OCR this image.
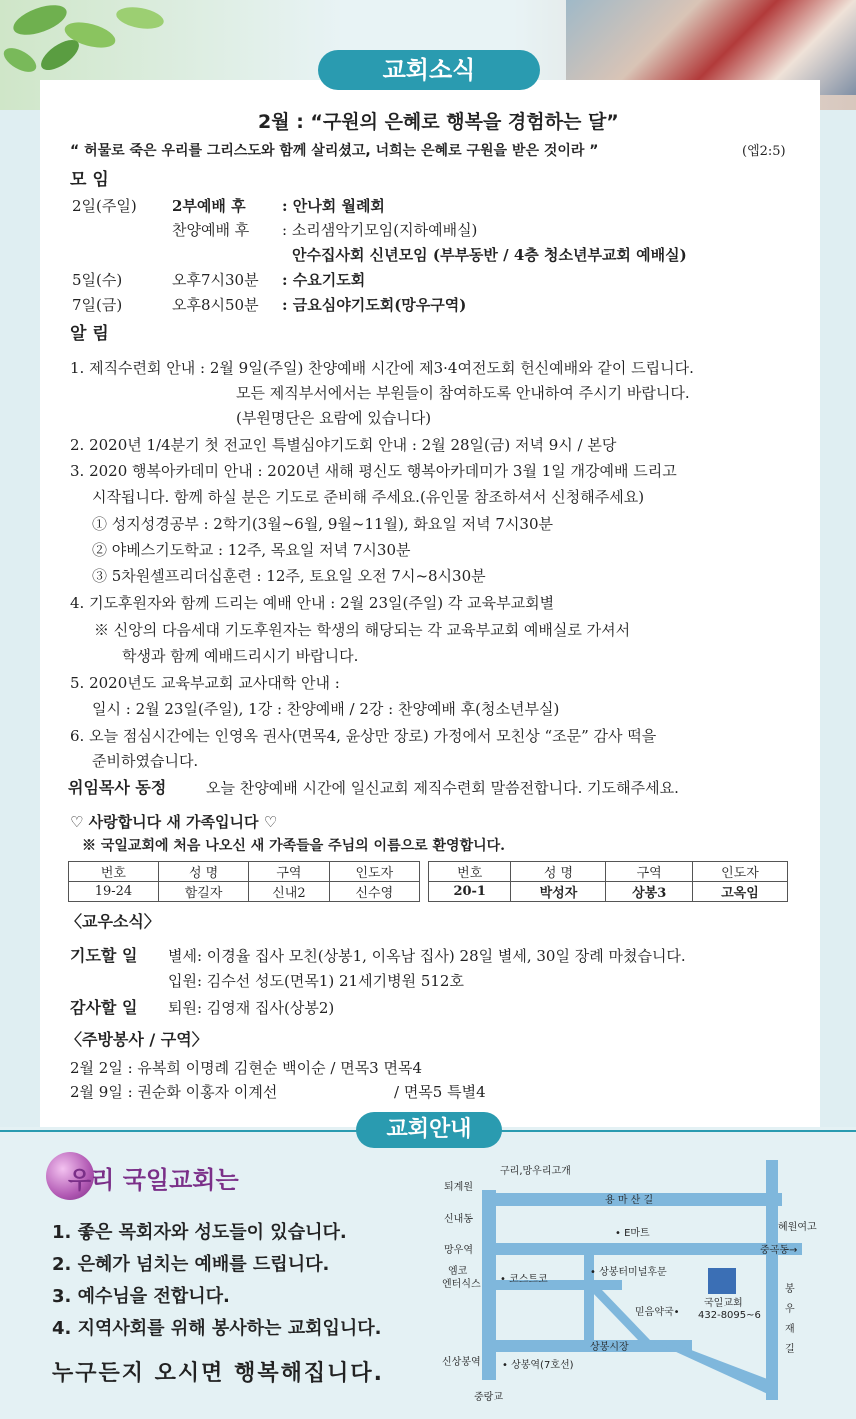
교회소식
2월 : “구원의 은혜로 행복을 경험하는 달”
“ 허물로 죽은 우리를 그리스도와 함께 살리셨고, 너희는 은혜로 구원을 받은 것이라 ”	(엡2:5)
모 임
2일(주일) 2부예배 후 : 안나회 월례회
찬양예배 후 : 소리샘악기모임(지하예배실)
안수집사회 신년모임 (부부동반 / 4층 청소년부교회 예배실)
5일(수)	오후7시30분 : 수요기도회
7일(금)	오후8시50분 : 금요심야기도회(망우구역)
알 림
1. 제직수련회 안내 : 2월 9일(주일) 찬양예배 시간에 제3·4여전도회 헌신예배와 같이 드립니다.
모든 제직부서에서는 부원들이 참여하도록 안내하여 주시기 바랍니다.
(부원명단은 요람에 있습니다)
2. 2020년 1/4분기 첫 전교인 특별심야기도회 안내 : 2월 28일(금) 저녁 9시 / 본당
3. 2020 행복아카데미 안내 : 2020년 새해 평신도 행복아카데미가 3월 1일 개강예배 드리고
시작됩니다. 함께 하실 분은 기도로 준비해 주세요.(유인물 참조하셔서 신청해주세요)
① 성지성경공부 : 2학기(3월~6월, 9월~11월), 화요일 저녁 7시30분
② 야베스기도학교 : 12주, 목요일 저녁 7시30분
③ 5차원셀프리더십훈련 : 12주, 토요일 오전 7시~8시30분
4. 기도후원자와 함께 드리는 예배 안내 : 2월 23일(주일) 각 교육부교회별
※ 신앙의 다음세대 기도후원자는 학생의 해당되는 각 교육부교회 예배실로 가셔서
학생과 함께 예배드리시기 바랍니다.
5. 2020년도 교육부교회 교사대학 안내 :
일시 : 2월 23일(주일), 1강 : 찬양예배 / 2강 : 찬양예배 후(청소년부실)
6. 오늘 점심시간에는 인영옥 권사(면목4, 윤상만 장로) 가정에서 모친상 “조문” 감사 떡을
준비하였습니다.
위임목사 동정	오늘 찬양예배 시간에 일신교회 제직수련회 말씀전합니다. 기도해주세요.
♡ 사랑합니다 새 가족입니다 ♡
※ 국일교회에 처음 나오신 새 가족들을 주님의 이름으로 환영합니다.
번호	성 명	구역	인도자
19-24	함길자	신내2	신수영
번호	성 명	구역	인도자
20-1	박성자	상봉3	고옥임
〈교우소식〉
기도할 일 별세: 이경율 집사 모친(상봉1, 이옥남 집사) 28일 별세, 30일 장례 마쳤습니다.
입원: 김수선 성도(면목1) 21세기병원 512호
감사할 일 퇴원: 김영재 집사(상봉2)
〈주방봉사 / 구역〉
2월 2일 : 유복희 이명례 김현순 백이순 / 면목3 면목4
2월 9일 : 권순화 이홍자 이계선	/ 면목5 특별4
교회안내
우리 국일교회는
1. 좋은 목회자와 성도들이 있습니다.
2. 은혜가 넘치는 예배를 드립니다.
3. 예수님을 전합니다.
4. 지역사회를 위해 봉사하는 교회입니다.
누구든지 오시면 행복해집니다.
구리,망우리고개
퇴계원
용 마 산 길
신내동
• E마트
혜원여고
망우역	중곡동→
엠코
엔터식스 • 코스트코
• 상봉터미널후문
국일교회
432-8095~6
믿음약국•
봉
우
재
길
상봉시장
신상봉역 • 상봉역(7호선)
중랑교
